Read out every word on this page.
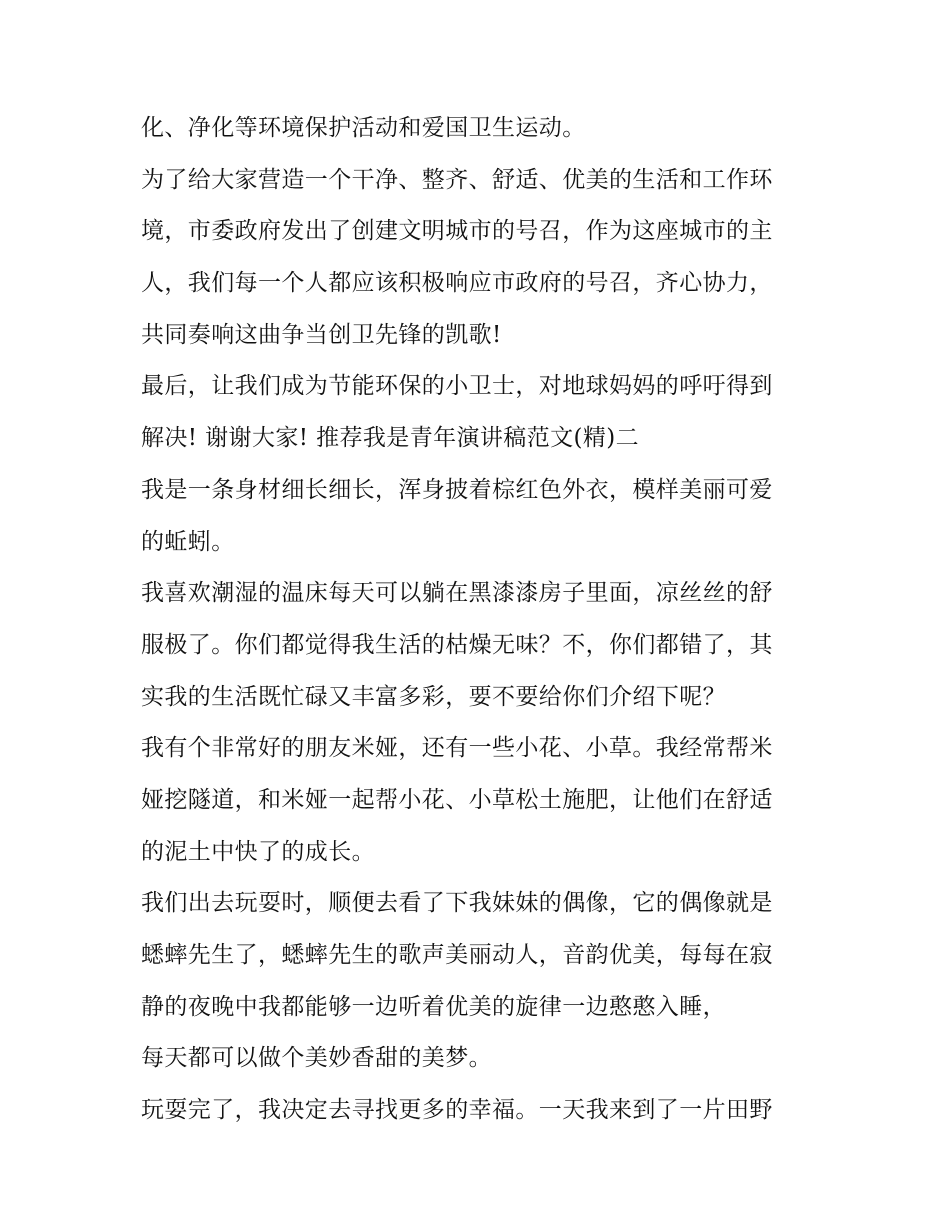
化、净化等环境保护活动和爱国卫生运动。

为了给大家营造一个干净、整齐、舒适、优美的生活和工作环

境，市委政府发出了创建文明城市的号召，作为这座城市的主

人，我们每一个人都应该积极响应市政府的号召，齐心协力，

共同奏响这曲争当创卫先锋的凯歌!

最后，让我们成为节能环保的小卫士，对地球妈妈的呼吁得到

解决! 谢谢大家! 推荐我是青年演讲稿范文(精)二

我是一条身材细长细长，浑身披着棕红色外衣，模样美丽可爱

的蚯蚓。

我喜欢潮湿的温床每天可以躺在黑漆漆房子里面，凉丝丝的舒

服极了。你们都觉得我生活的枯燥无味？不，你们都错了，其

实我的生活既忙碌又丰富多彩，要不要给你们介绍下呢？

我有个非常好的朋友米娅，还有一些小花、小草。我经常帮米

娅挖隧道，和米娅一起帮小花、小草松土施肥，让他们在舒适

的泥土中快了的成长。

我们出去玩耍时，顺便去看了下我妹妹的偶像，它的偶像就是

蟋蟀先生了，蟋蟀先生的歌声美丽动人，音韵优美，每每在寂

静的夜晚中我都能够一边听着优美的旋律一边憨憨入睡，

每天都可以做个美妙香甜的美梦。

玩耍完了，我决定去寻找更多的幸福。一天我来到了一片田野
